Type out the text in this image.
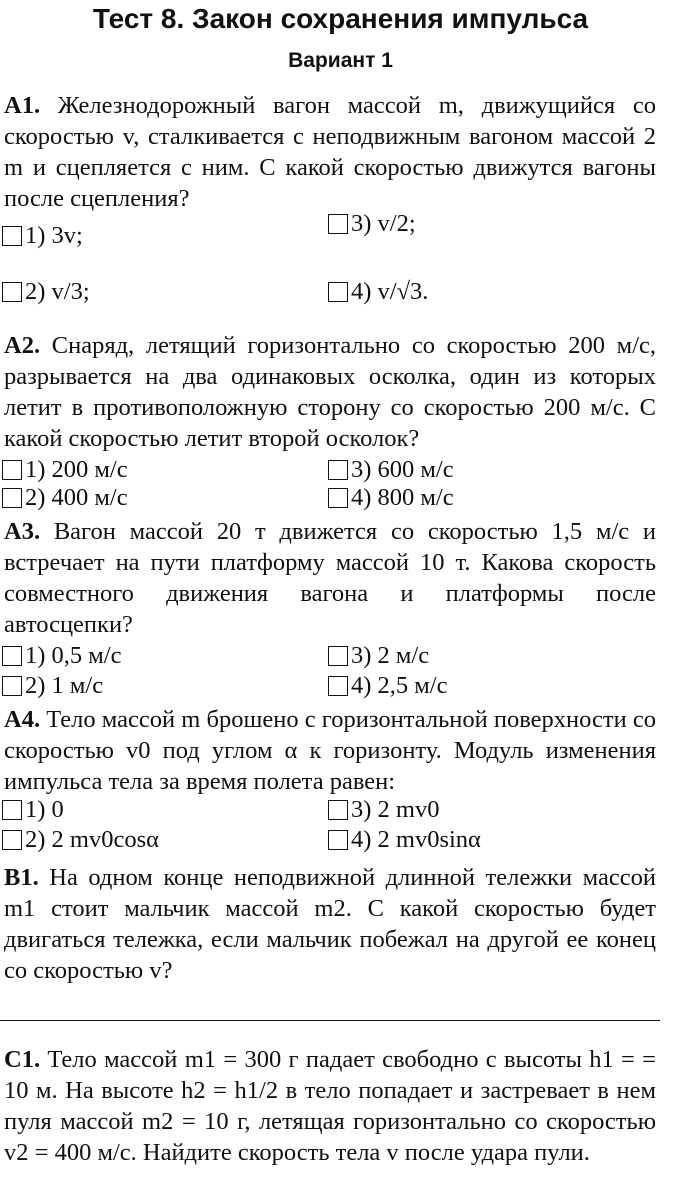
Тест 8. Закон сохранения импульса
Вариант 1
A1. Железнодорожный вагон массой m, движущийся со скоростью v, сталкивается с неподвижным вагоном массой 2 m и сцепляется с ним. С какой скоростью движутся вагоны после сцепления?
1) 3v;	3) v/2;
2) v/3;	4) v/√3.
A2. Снаряд, летящий горизонтально со скоростью 200 м/с, разрывается на два одинаковых осколка, один из которых летит в противоположную сторону со скоростью 200 м/с. С какой скоростью летит второй осколок?
1) 200 м/с	3) 600 м/с
2) 400 м/с	4) 800 м/с
A3. Вагон массой 20 т движется со скоростью 1,5 м/с и встречает на пути платформу массой 10 т. Какова скорость совместного движения вагона и платформы после автосцепки?
1) 0,5 м/с	3) 2 м/с
2) 1 м/с	4) 2,5 м/с
A4. Тело массой m брошено с горизонтальной поверхности со скоростью v0 под углом α к горизонту. Модуль изменения импульса тела за время полета равен:
1) 0	3) 2 mv0
2) 2 mv0cosα	4) 2 mv0sinα
B1. На одном конце неподвижной длинной тележки массой m1 стоит мальчик массой m2. С какой скоростью будет двигаться тележка, если мальчик побежал на другой ее конец со скоростью v?
C1. Тело массой m1 = 300 г падает свободно с высоты h1 = = 10 м. На высоте h2 = h1/2 в тело попадает и застревает в нем пуля массой m2 = 10 г, летящая горизонтально со скоростью v2 = 400 м/с. Найдите скорость тела v после удара пули.
